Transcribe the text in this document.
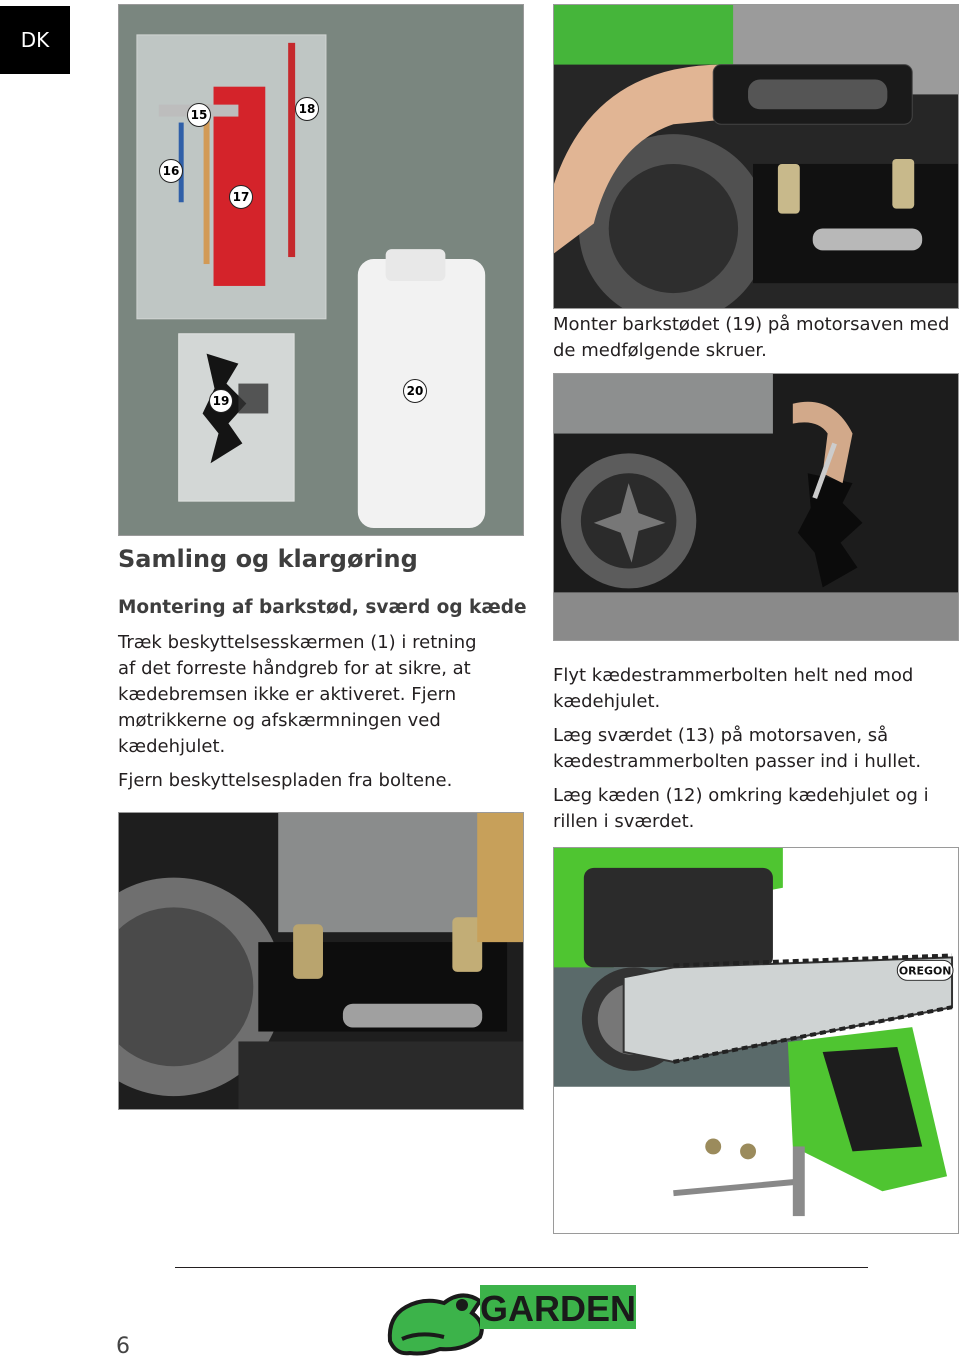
DK
15
16
17
18
19
20
Samling og klargøring
Montering af barkstød, sværd og kæde

Træk beskyttelsesskærmen (1) i retning af det forreste håndgreb for at sikre, at kædebremsen ikke er aktiveret. Fjern møtrikkerne og afskærmningen ved kædehjulet.

Fjern beskyttelsespladen fra boltene.

Monter barkstødet (19) på motorsaven med de medfølgende skruer.

Flyt kædestrammerbolten helt ned mod kædehjulet.

Læg sværdet (13) på motorsaven, så kædestrammerbolten passer ind i hullet.

Læg kæden (12) omkring kædehjulet og i rillen i sværdet.

OREGON
GARDEN
6
